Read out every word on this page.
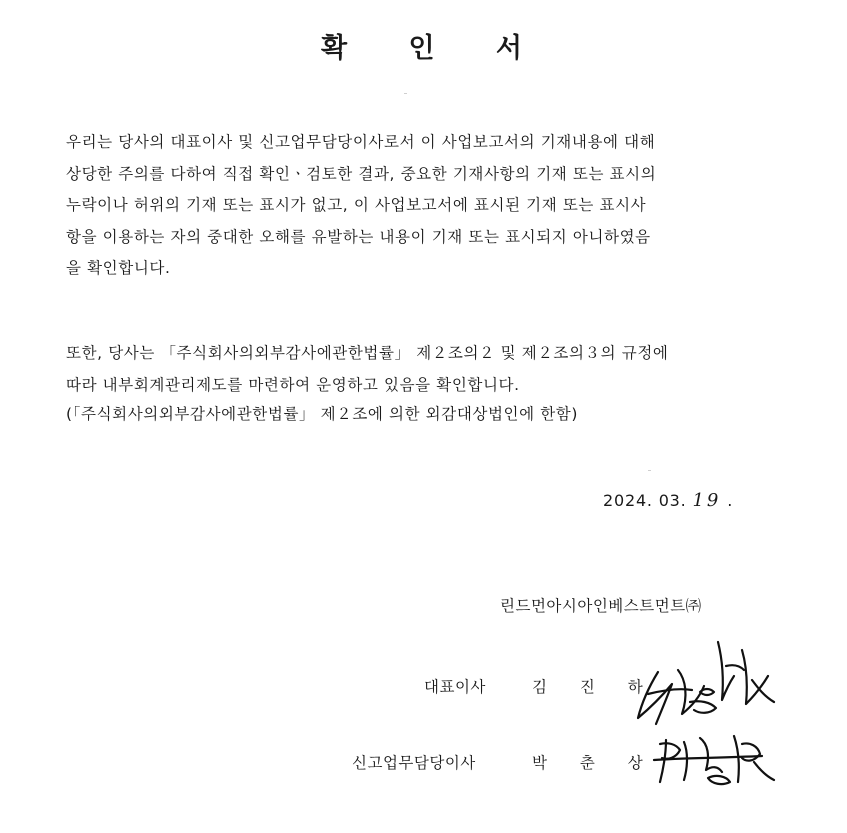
확 인 서
우리는 당사의 대표이사 및 신고업무담당이사로서 이 사업보고서의 기재내용에 대해
상당한 주의를 다하여 직접 확인ㆍ검토한 결과, 중요한 기재사항의 기재 또는 표시의
누락이나 허위의 기재 또는 표시가 없고, 이 사업보고서에 표시된 기재 또는 표시사
항을 이용하는 자의 중대한 오해를 유발하는 내용이 기재 또는 표시되지 아니하였음
을 확인합니다.
또한, 당사는 「주식회사의외부감사에관한법률」 제２조의２ 및 제２조의３의 규정에
따라 내부회계관리제도를 마련하여 운영하고 있음을 확인합니다.
(「주식회사의외부감사에관한법률」 제２조에 의한 외감대상법인에 한함)
2024. 03. 19 .
린드먼아시아인베스트먼트㈜
대표이사	김 진 하
신고업무담당이사	박 춘 상
